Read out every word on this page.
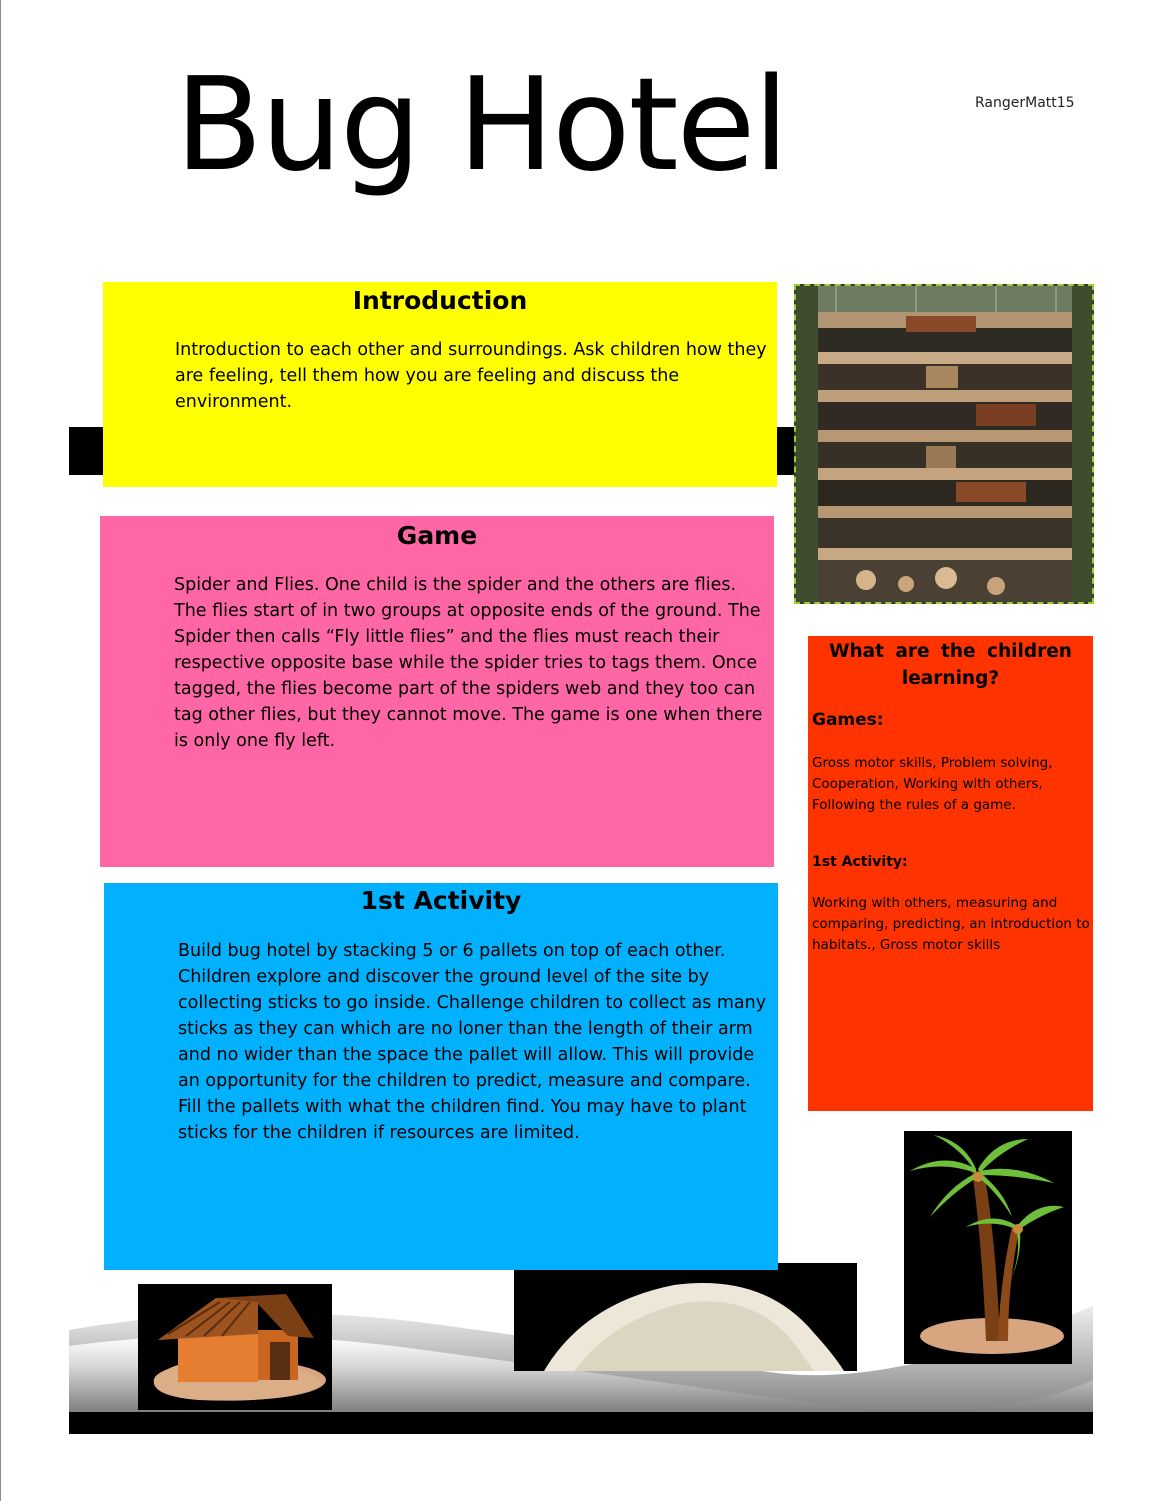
Bug Hotel	RangerMatt15
Introduction

Introduction to each other and surroundings. Ask children how they are feeling, tell them how you are feeling and discuss the environment.

Game

Spider and Flies. One child is the spider and the others are flies. The flies start of in two groups at opposite ends of the ground. The Spider then calls “Fly little flies” and the flies must reach their respective opposite base while the spider tries to tags them. Once tagged, the flies become part of the spiders web and they too can tag other flies, but they cannot move. The game is one when there is only one fly left.

1st Activity

Build bug hotel by stacking 5 or 6 pallets on top of each other. Children explore and discover the ground level of the site by collecting sticks to go inside. Challenge children to collect as many sticks as they can which are no loner than the length of their arm and no wider than the space the pallet will allow. This will provide an opportunity for the children to predict, measure and compare. Fill the pallets with what the children find. You may have to plant sticks for the children if resources are limited.

What are the children learning?

Games:

Gross motor skills, Problem solving, Cooperation, Working with others, Following the rules of a game.

1st Activity:

Working with others, measuring and comparing, predicting, an introduction to habitats., Gross motor skills
